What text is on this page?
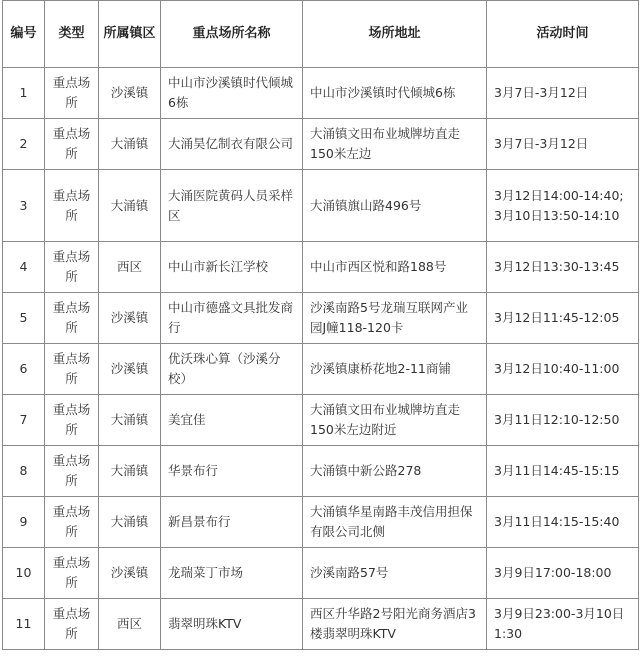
编号	类型	所属镇区	重点场所名称	场所地址	活动时间
1	重点场所	沙溪镇	中山市沙溪镇时代倾城6栋	中山市沙溪镇时代倾城6栋	3月7日-3月12日
2	重点场所	大涌镇	大涌昊亿制衣有限公司	大涌镇文田布业城牌坊直走150米左边	3月7日-3月12日
3	重点场所	大涌镇	大涌医院黄码人员采样区	大涌镇旗山路496号	3月12日14:00-14:40;
3月10日13:50-14:10

4	重点场所	西区	中山市新长江学校	中山市西区悦和路188号	3月12日13:30-13:45
5	重点场所	沙溪镇	中山市德盛文具批发商行	沙溪南路5号龙瑞互联网产业园J幢118-120卡	3月12日11:45-12:05
6	重点场所	沙溪镇	优沃珠心算（沙溪分校）	沙溪镇康桥花地2-11商铺	3月12日10:40-11:00
7	重点场所	大涌镇	美宜佳	大涌镇文田布业城牌坊直走150米左边附近	3月11日12:10-12:50
8	重点场所	大涌镇	华景布行	大涌镇中新公路278	3月11日14:45-15:15
9	重点场所	大涌镇	新昌景布行	大涌镇华星南路丰茂信用担保有限公司北侧	3月11日14:15-15:40
10	重点场所	沙溪镇	龙瑞菜丁市场	沙溪南路57号	3月9日17:00-18:00
11	重点场所	西区	翡翠明珠KTV	西区升华路2号阳光商务酒店3楼翡翠明珠KTV	3月9日23:00-3月10日1:30
